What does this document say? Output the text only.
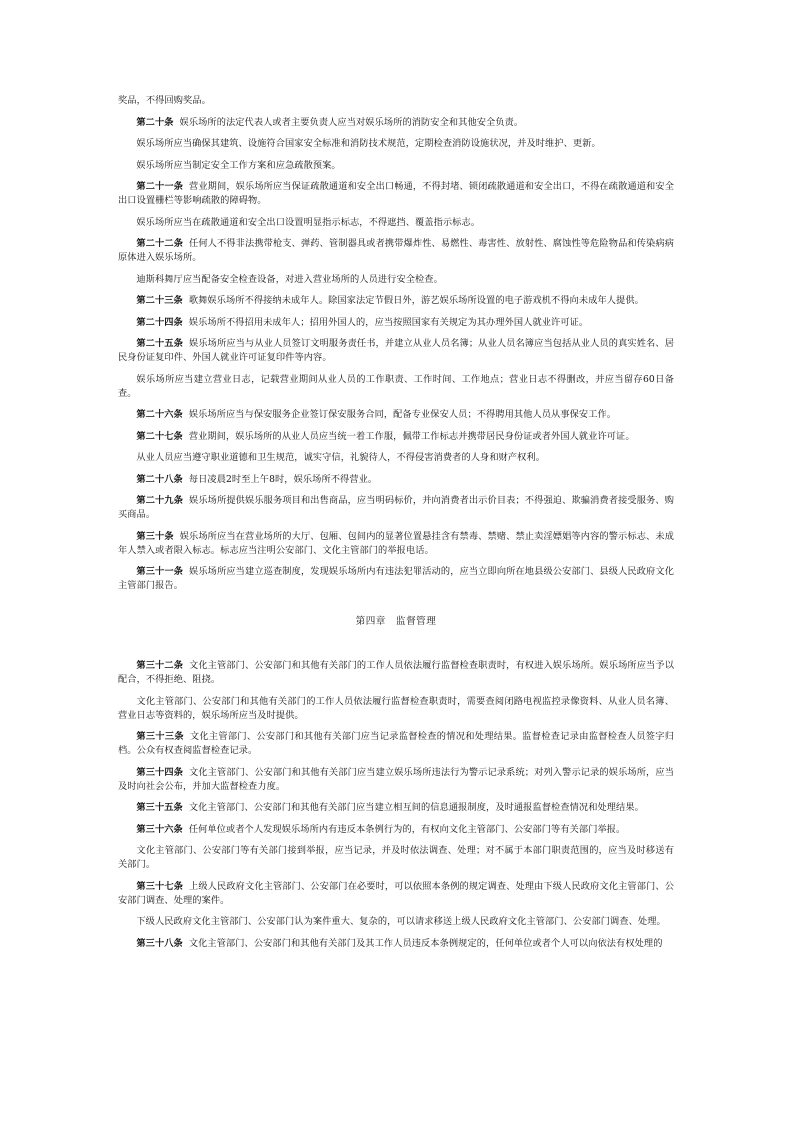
奖品，不得回购奖品。

第二十条 娱乐场所的法定代表人或者主要负责人应当对娱乐场所的消防安全和其他安全负责。

娱乐场所应当确保其建筑、设施符合国家安全标准和消防技术规范，定期检查消防设施状况，并及时维护、更新。

娱乐场所应当制定安全工作方案和应急疏散预案。

第二十一条 营业期间，娱乐场所应当保证疏散通道和安全出口畅通，不得封堵、锁闭疏散通道和安全出口，不得在疏散通道和安全出口设置栅栏等影响疏散的障碍物。

娱乐场所应当在疏散通道和安全出口设置明显指示标志，不得遮挡、覆盖指示标志。

第二十二条 任何人不得非法携带枪支、弹药、管制器具或者携带爆炸性、易燃性、毒害性、放射性、腐蚀性等危险物品和传染病病原体进入娱乐场所。

迪斯科舞厅应当配备安全检查设备，对进入营业场所的人员进行安全检查。

第二十三条 歌舞娱乐场所不得接纳未成年人。除国家法定节假日外，游艺娱乐场所设置的电子游戏机不得向未成年人提供。

第二十四条 娱乐场所不得招用未成年人；招用外国人的，应当按照国家有关规定为其办理外国人就业许可证。

第二十五条 娱乐场所应当与从业人员签订文明服务责任书，并建立从业人员名簿；从业人员名簿应当包括从业人员的真实姓名、居民身份证复印件、外国人就业许可证复印件等内容。

娱乐场所应当建立营业日志，记载营业期间从业人员的工作职责、工作时间、工作地点；营业日志不得删改，并应当留存60日备查。

第二十六条 娱乐场所应当与保安服务企业签订保安服务合同，配备专业保安人员；不得聘用其他人员从事保安工作。

第二十七条 营业期间，娱乐场所的从业人员应当统一着工作服，佩带工作标志并携带居民身份证或者外国人就业许可证。

从业人员应当遵守职业道德和卫生规范，诚实守信，礼貌待人，不得侵害消费者的人身和财产权利。

第二十八条 每日凌晨2时至上午8时，娱乐场所不得营业。

第二十九条 娱乐场所提供娱乐服务项目和出售商品，应当明码标价，并向消费者出示价目表；不得强迫、欺骗消费者接受服务、购买商品。

第三十条 娱乐场所应当在营业场所的大厅、包厢、包间内的显著位置悬挂含有禁毒、禁赌、禁止卖淫嫖娼等内容的警示标志、未成年人禁入或者限入标志。标志应当注明公安部门、文化主管部门的举报电话。

第三十一条 娱乐场所应当建立巡查制度，发现娱乐场所内有违法犯罪活动的，应当立即向所在地县级公安部门、县级人民政府文化主管部门报告。

第四章　监督管理

第三十二条 文化主管部门、公安部门和其他有关部门的工作人员依法履行监督检查职责时，有权进入娱乐场所。娱乐场所应当予以配合，不得拒绝、阻挠。

文化主管部门、公安部门和其他有关部门的工作人员依法履行监督检查职责时，需要查阅闭路电视监控录像资料、从业人员名簿、营业日志等资料的，娱乐场所应当及时提供。

第三十三条 文化主管部门、公安部门和其他有关部门应当记录监督检查的情况和处理结果。监督检查记录由监督检查人员签字归档。公众有权查阅监督检查记录。

第三十四条 文化主管部门、公安部门和其他有关部门应当建立娱乐场所违法行为警示记录系统；对列入警示记录的娱乐场所，应当及时向社会公布，并加大监督检查力度。

第三十五条 文化主管部门、公安部门和其他有关部门应当建立相互间的信息通报制度，及时通报监督检查情况和处理结果。

第三十六条 任何单位或者个人发现娱乐场所内有违反本条例行为的，有权向文化主管部门、公安部门等有关部门举报。

文化主管部门、公安部门等有关部门接到举报，应当记录，并及时依法调查、处理；对不属于本部门职责范围的，应当及时移送有关部门。

第三十七条 上级人民政府文化主管部门、公安部门在必要时，可以依照本条例的规定调查、处理由下级人民政府文化主管部门、公安部门调查、处理的案件。

下级人民政府文化主管部门、公安部门认为案件重大、复杂的，可以请求移送上级人民政府文化主管部门、公安部门调查、处理。

第三十八条 文化主管部门、公安部门和其他有关部门及其工作人员违反本条例规定的，任何单位或者个人可以向依法有权处理的
